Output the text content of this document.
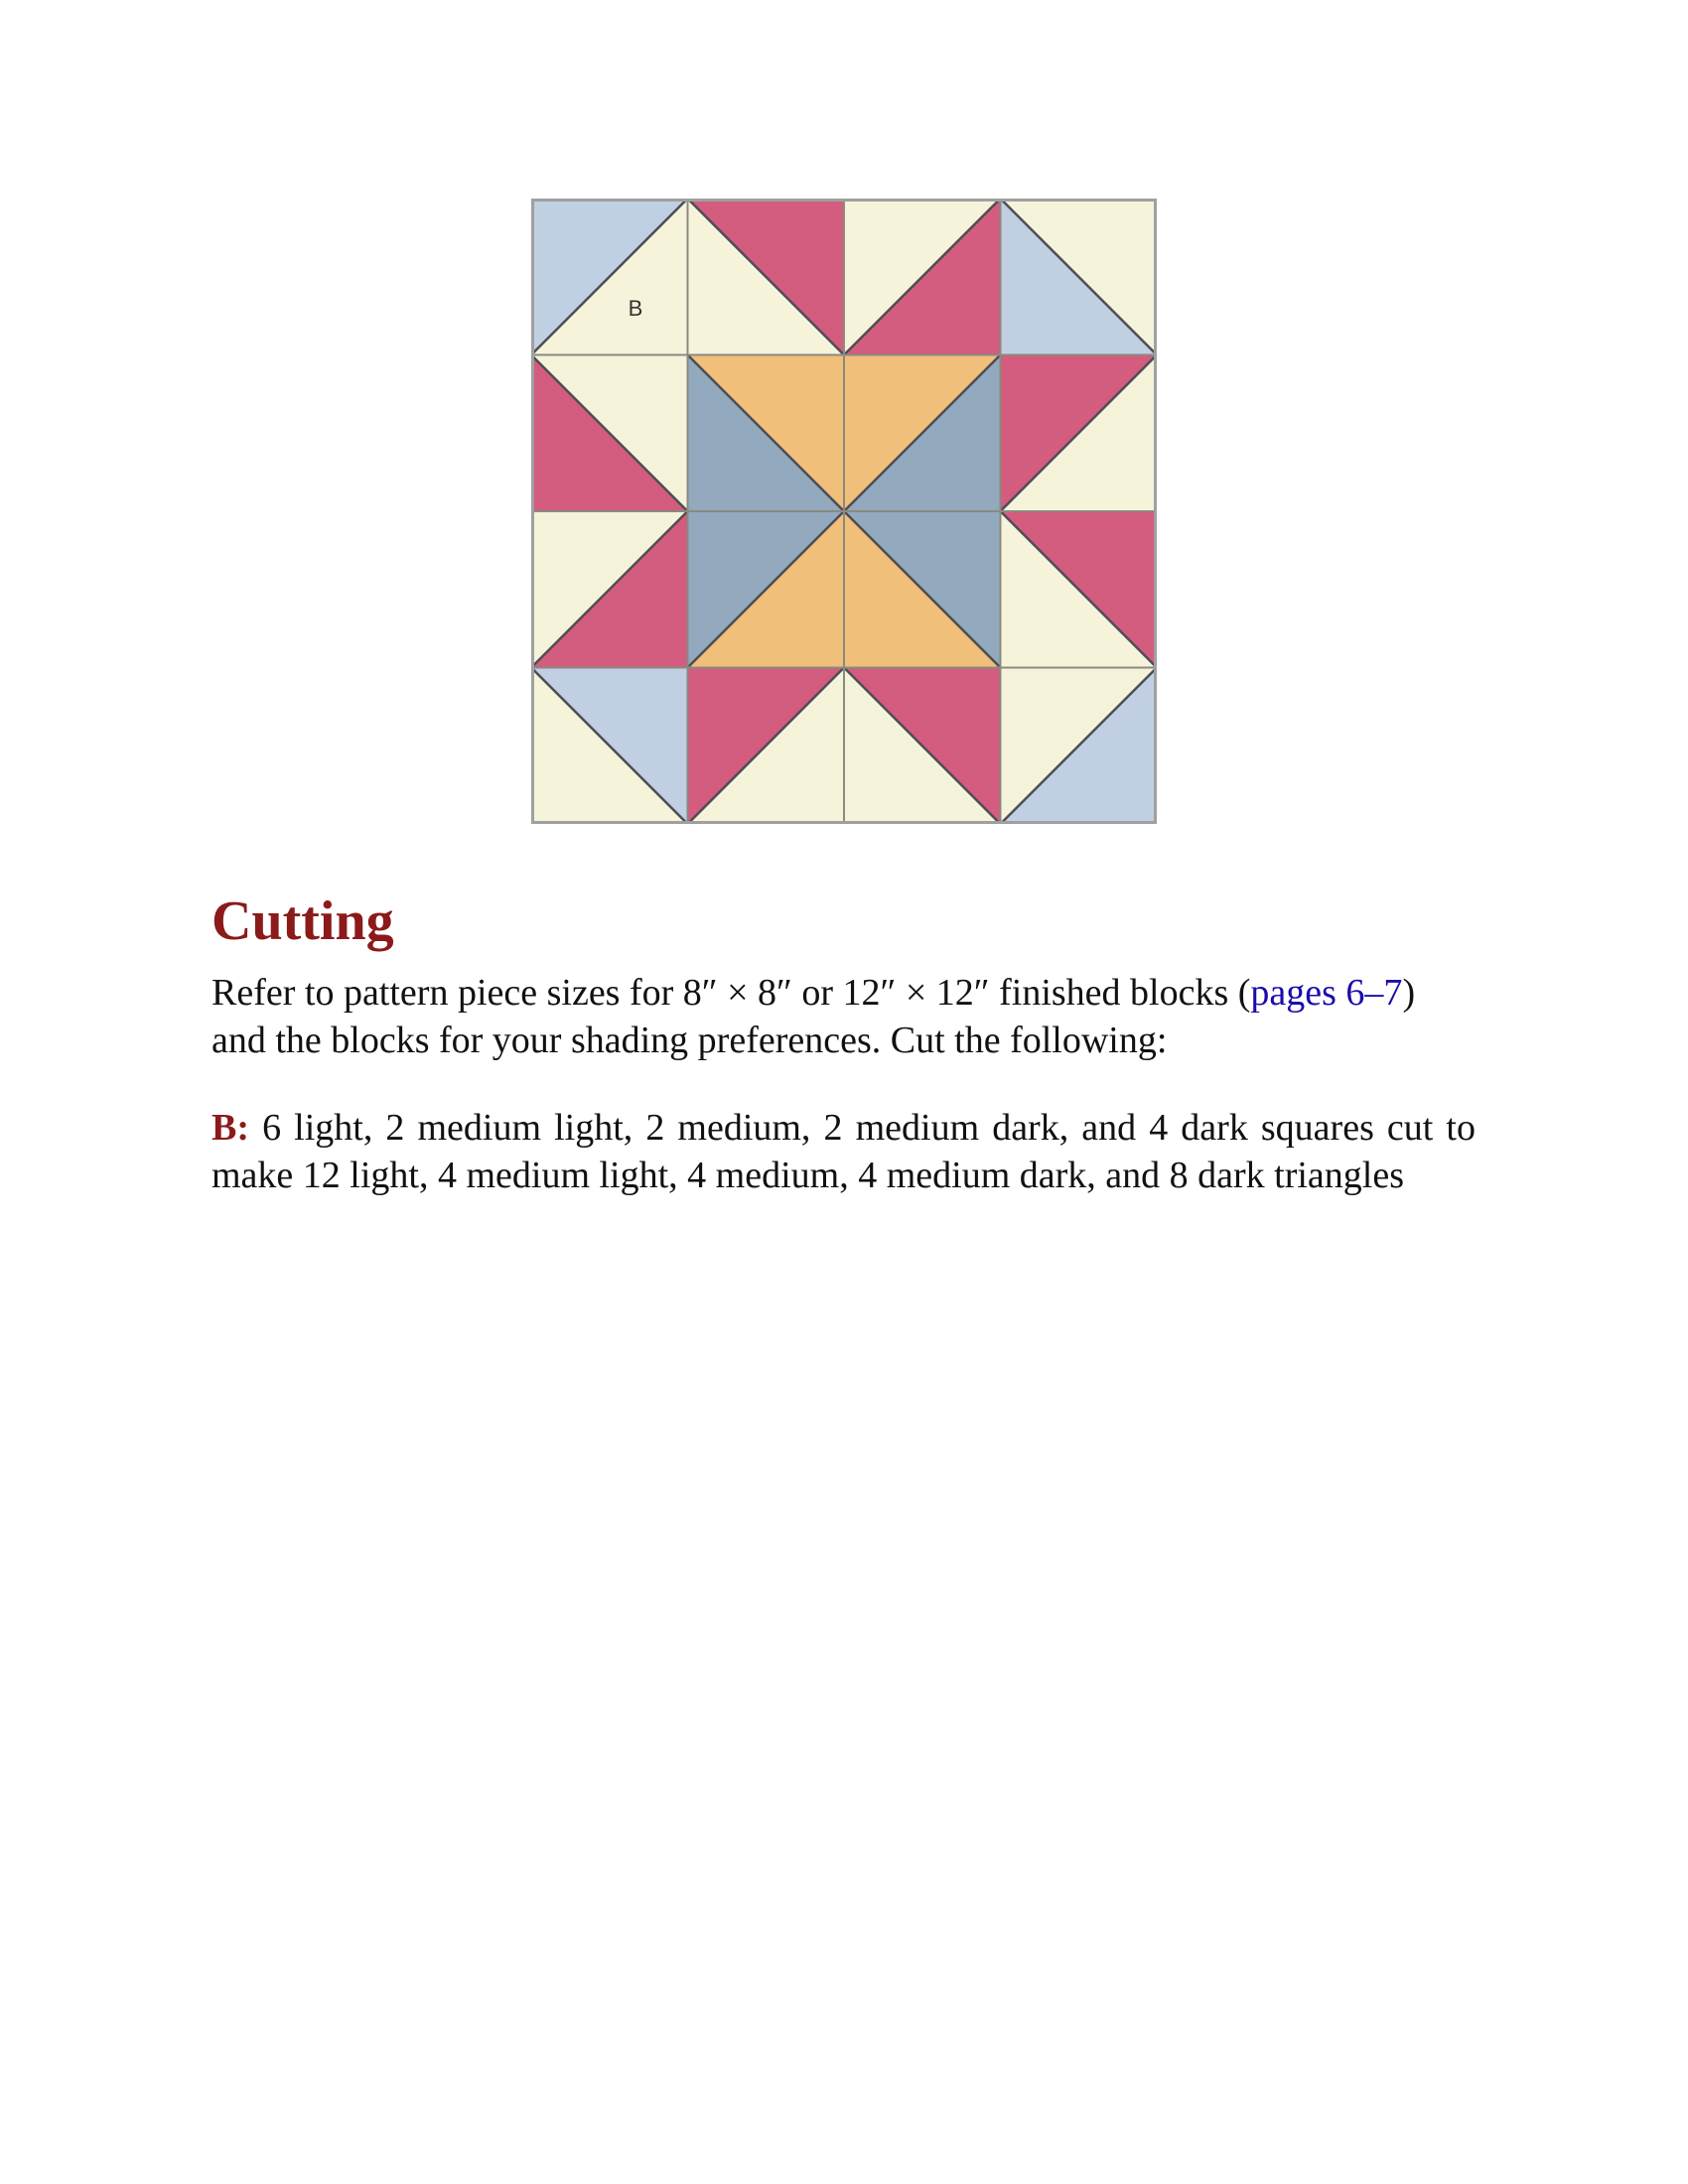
B
Cutting

Refer to pattern piece sizes for 8″ × 8″ or 12″ × 12″ finished blocks (pages 6–7) and the blocks for your shading preferences. Cut the following:

B: 6 light, 2 medium light, 2 medium, 2 medium dark, and 4 dark squares cut to make 12 light, 4 medium light, 4 medium, 4 medium dark, and 8 dark triangles
